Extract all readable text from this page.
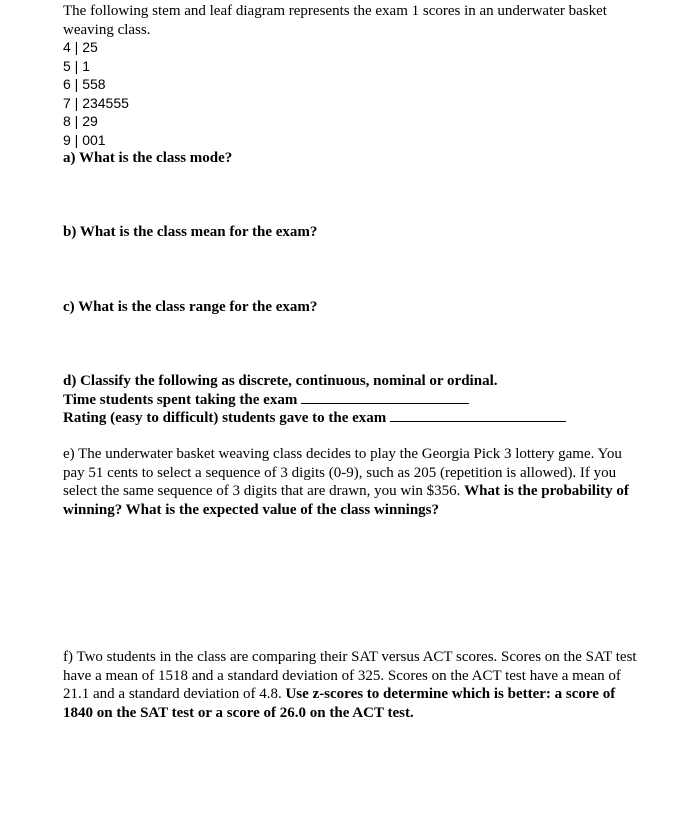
The following stem and leaf diagram represents the exam 1 scores in an underwater basket weaving class.
4 | 25
5 | 1
6 | 558
7 | 234555
8 | 29
9 | 001
a) What is the class mode?
b) What is the class mean for the exam?
c) What is the class range for the exam?
d) Classify the following as discrete, continuous, nominal or ordinal.
Time students spent taking the exam
Rating (easy to difficult) students gave to the exam
e) The underwater basket weaving class decides to play the Georgia Pick 3 lottery game. You pay 51 cents to select a sequence of 3 digits (0-9), such as 205 (repetition is allowed). If you select the same sequence of 3 digits that are drawn, you win $356. What is the probability of winning? What is the expected value of the class winnings?
f) Two students in the class are comparing their SAT versus ACT scores. Scores on the SAT test have a mean of 1518 and a standard deviation of 325. Scores on the ACT test have a mean of 21.1 and a standard deviation of 4.8. Use z-scores to determine which is better: a score of 1840 on the SAT test or a score of 26.0 on the ACT test.
